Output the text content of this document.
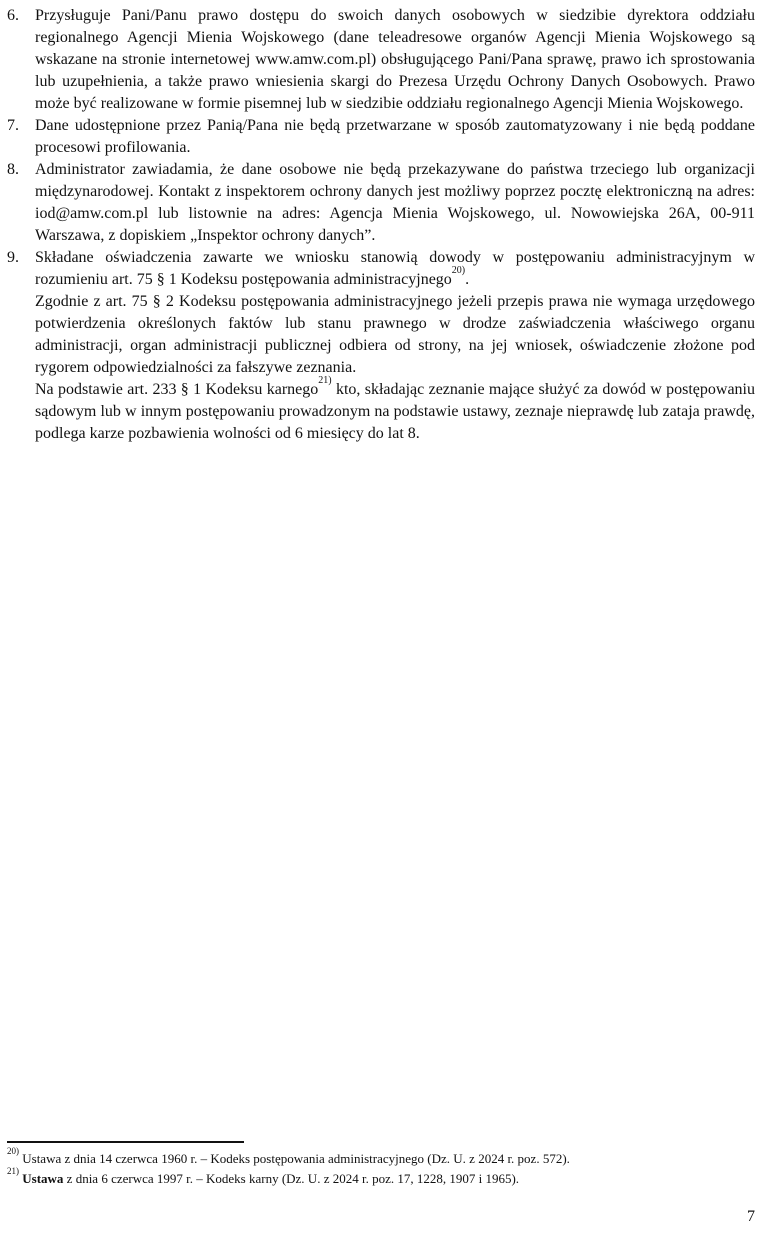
6. Przysługuje Pani/Panu prawo dostępu do swoich danych osobowych w siedzibie dyrektora oddziału regionalnego Agencji Mienia Wojskowego (dane teleadresowe organów Agencji Mienia Wojskowego są wskazane na stronie internetowej www.amw.com.pl) obsługującego Pani/Pana sprawę, prawo ich sprostowania lub uzupełnienia, a także prawo wniesienia skargi do Prezesa Urzędu Ochrony Danych Osobowych. Prawo może być realizowane w formie pisemnej lub w siedzibie oddziału regionalnego Agencji Mienia Wojskowego.

7. Dane udostępnione przez Panią/Pana nie będą przetwarzane w sposób zautomatyzowany i nie będą poddane procesowi profilowania.

8. Administrator zawiadamia, że dane osobowe nie będą przekazywane do państwa trzeciego lub organizacji międzynarodowej. Kontakt z inspektorem ochrony danych jest możliwy poprzez pocztę elektroniczną na adres: iod@amw.com.pl lub listownie na adres: Agencja Mienia Wojskowego, ul. Nowowiejska 26A, 00-911 Warszawa, z dopiskiem „Inspektor ochrony danych”.

9. Składane oświadczenia zawarte we wniosku stanowią dowody w postępowaniu administracyjnym w rozumieniu art. 75 § 1 Kodeksu postępowania administracyjnego$^{20)}$.

Zgodnie z art. 75 § 2 Kodeksu postępowania administracyjnego jeżeli przepis prawa nie wymaga urzędowego potwierdzenia określonych faktów lub stanu prawnego w drodze zaświadczenia właściwego organu administracji, organ administracji publicznej odbiera od strony, na jej wniosek, oświadczenie złożone pod rygorem odpowiedzialności za fałszywe zeznania.

Na podstawie art. 233 § 1 Kodeksu karnego$^{21)}$ kto, składając zeznanie mające służyć za dowód w postępowaniu sądowym lub w innym postępowaniu prowadzonym na podstawie ustawy, zeznaje nieprawdę lub zataja prawdę, podlega karze pozbawienia wolności od 6 miesięcy do lat 8.

$^{20)}$ Ustawa z dnia 14 czerwca 1960 r. – Kodeks postępowania administracyjnego (Dz. U. z 2024 r. poz. 572).

$^{21)}$ Ustawa z dnia 6 czerwca 1997 r. – Kodeks karny (Dz. U. z 2024 r. poz. 17, 1228, 1907 i 1965).

7
